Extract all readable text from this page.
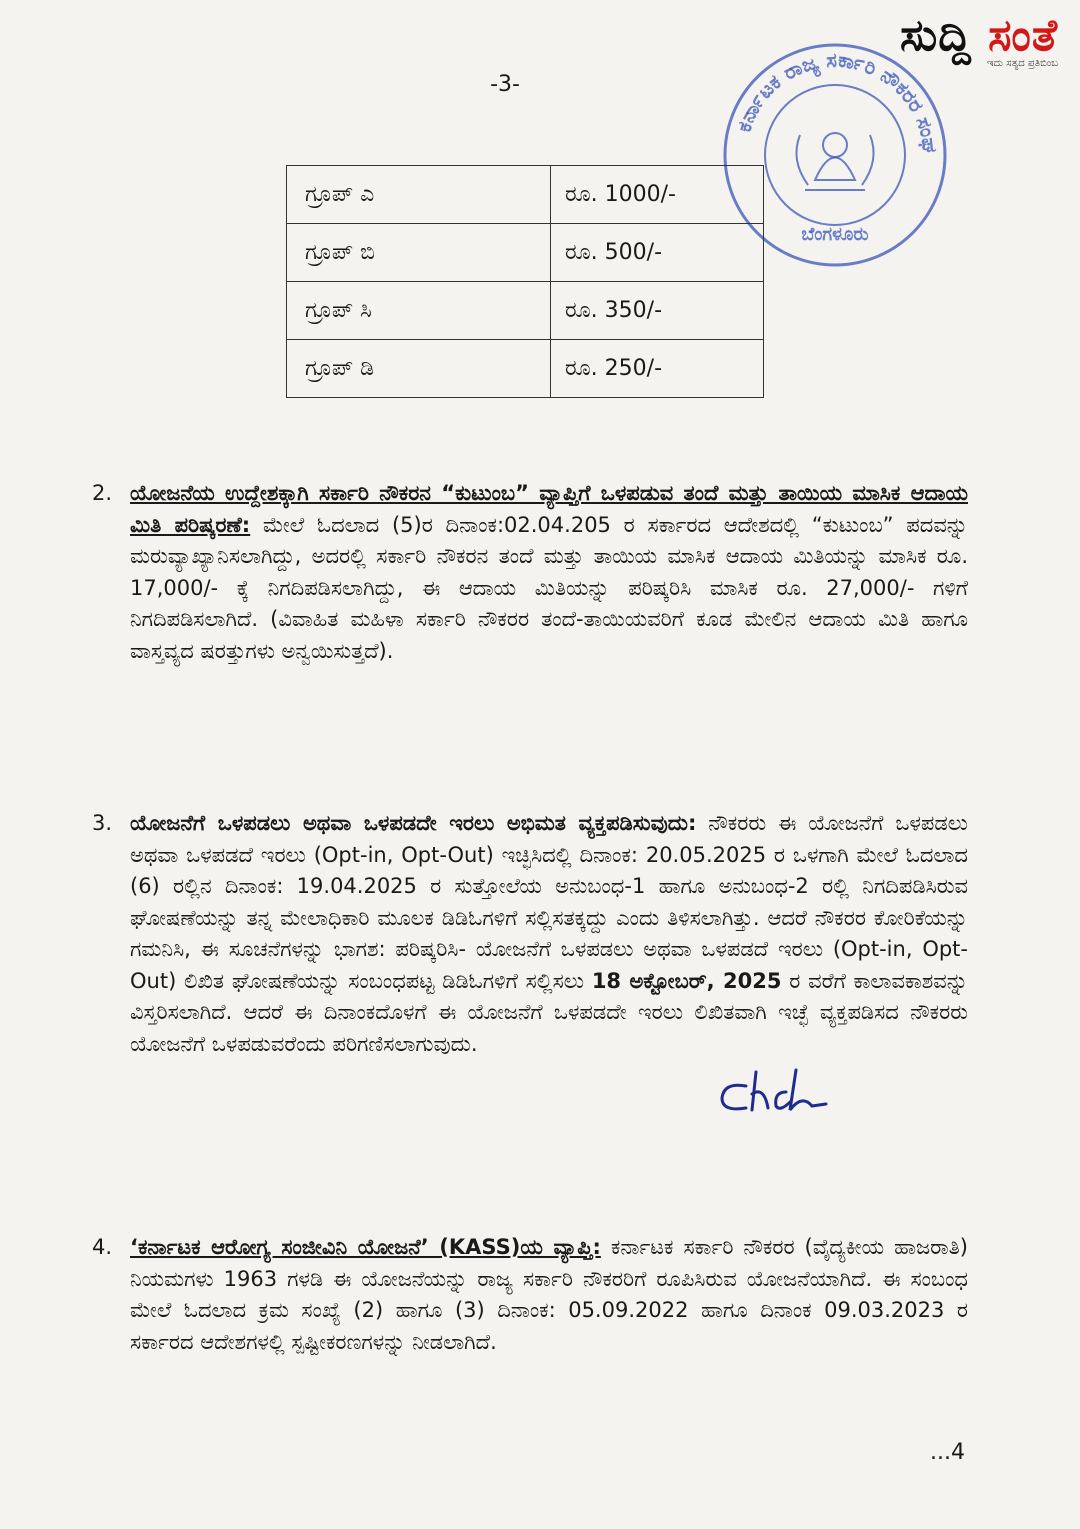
ಸುದ್ದಿ ಸಂತೆ
ಇದು ಸತ್ಯದ ಪ್ರತಿಬಿಂಬ
-3-
ಕರ್ನಾಟಕ ರಾಜ್ಯ ಸರ್ಕಾರಿ ನೌಕರರ ಸಂಘ
ಬೆಂಗಳೂರು
ಗ್ರೂಪ್ ಎ	ರೂ. 1000/-
ಗ್ರೂಪ್ ಬಿ	ರೂ. 500/-
ಗ್ರೂಪ್ ಸಿ	ರೂ. 350/-
ಗ್ರೂಪ್ ಡಿ	ರೂ. 250/-
2. ಯೋಜನೆಯ ಉದ್ದೇಶಕ್ಕಾಗಿ ಸರ್ಕಾರಿ ನೌಕರನ “ಕುಟುಂಬ” ವ್ಯಾಪ್ತಿಗೆ ಒಳಪಡುವ ತಂದೆ ಮತ್ತು ತಾಯಿಯ ಮಾಸಿಕ ಆದಾಯ ಮಿತಿ ಪರಿಷ್ಕರಣೆ: ಮೇಲೆ ಓದಲಾದ (5)ರ ದಿನಾಂಕ:02.04.205 ರ ಸರ್ಕಾರದ ಆದೇಶದಲ್ಲಿ “ಕುಟುಂಬ” ಪದವನ್ನು ಮರುವ್ಯಾಖ್ಯಾನಿಸಲಾಗಿದ್ದು, ಅದರಲ್ಲಿ ಸರ್ಕಾರಿ ನೌಕರನ ತಂದೆ ಮತ್ತು ತಾಯಿಯ ಮಾಸಿಕ ಆದಾಯ ಮಿತಿಯನ್ನು ಮಾಸಿಕ ರೂ. 17,000/- ಕ್ಕೆ ನಿಗದಿಪಡಿಸಲಾಗಿದ್ದು, ಈ ಆದಾಯ ಮಿತಿಯನ್ನು ಪರಿಷ್ಕರಿಸಿ ಮಾಸಿಕ ರೂ. 27,000/- ಗಳಿಗೆ ನಿಗದಿಪಡಿಸಲಾಗಿದೆ. (ವಿವಾಹಿತ ಮಹಿಳಾ ಸರ್ಕಾರಿ ನೌಕರರ ತಂದೆ-ತಾಯಿಯವರಿಗೆ ಕೂಡ ಮೇಲಿನ ಆದಾಯ ಮಿತಿ ಹಾಗೂ ವಾಸ್ತವ್ಯದ ಷರತ್ತುಗಳು ಅನ್ವಯಿಸುತ್ತದೆ).
3. ಯೋಜನೆಗೆ ಒಳಪಡಲು ಅಥವಾ ಒಳಪಡದೇ ಇರಲು ಅಭಿಮತ ವ್ಯಕ್ತಪಡಿಸುವುದು: ನೌಕರರು ಈ ಯೋಜನೆಗೆ ಒಳಪಡಲು ಅಥವಾ ಒಳಪಡದೆ ಇರಲು (Opt-in, Opt-Out) ಇಚ್ಛಿಸಿದಲ್ಲಿ ದಿನಾಂಕ: 20.05.2025 ರ ಒಳಗಾಗಿ ಮೇಲೆ ಓದಲಾದ (6) ರಲ್ಲಿನ ದಿನಾಂಕ: 19.04.2025 ರ ಸುತ್ತೋಲೆಯ ಅನುಬಂಧ-1 ಹಾಗೂ ಅನುಬಂಧ-2 ರಲ್ಲಿ ನಿಗದಿಪಡಿಸಿರುವ ಘೋಷಣೆಯನ್ನು ತನ್ನ ಮೇಲಾಧಿಕಾರಿ ಮೂಲಕ ಡಿಡಿಓಗಳಿಗೆ ಸಲ್ಲಿಸತಕ್ಕದ್ದು ಎಂದು ತಿಳಿಸಲಾಗಿತ್ತು. ಆದರೆ ನೌಕರರ ಕೋರಿಕೆಯನ್ನು ಗಮನಿಸಿ, ಈ ಸೂಚನೆಗಳನ್ನು ಭಾಗಶ: ಪರಿಷ್ಕರಿಸಿ- ಯೋಜನೆಗೆ ಒಳಪಡಲು ಅಥವಾ ಒಳಪಡದೆ ಇರಲು (Opt-in, Opt-Out) ಲಿಖಿತ ಘೋಷಣೆಯನ್ನು ಸಂಬಂಧಪಟ್ಟ ಡಿಡಿಓಗಳಿಗೆ ಸಲ್ಲಿಸಲು 18 ಅಕ್ಟೋಬರ್, 2025 ರ ವರೆಗೆ ಕಾಲಾವಕಾಶವನ್ನು ವಿಸ್ತರಿಸಲಾಗಿದೆ. ಆದರೆ ಈ ದಿನಾಂಕದೊಳಗೆ ಈ ಯೋಜನೆಗೆ ಒಳಪಡದೇ ಇರಲು ಲಿಖಿತವಾಗಿ ಇಚ್ಛೆ ವ್ಯಕ್ತಪಡಿಸದ ನೌಕರರು ಯೋಜನೆಗೆ ಒಳಪಡುವರೆಂದು ಪರಿಗಣಿಸಲಾಗುವುದು.
4. ‘ಕರ್ನಾಟಕ ಆರೋಗ್ಯ ಸಂಜೀವಿನಿ ಯೋಜನೆ’ (KASS)ಯ ವ್ಯಾಪ್ತಿ: ಕರ್ನಾಟಕ ಸರ್ಕಾರಿ ನೌಕರರ (ವೈದ್ಯಕೀಯ ಹಾಜರಾತಿ) ನಿಯಮಗಳು 1963 ಗಳಡಿ ಈ ಯೋಜನೆಯನ್ನು ರಾಜ್ಯ ಸರ್ಕಾರಿ ನೌಕರರಿಗೆ ರೂಪಿಸಿರುವ ಯೋಜನೆಯಾಗಿದೆ. ಈ ಸಂಬಂಧ ಮೇಲೆ ಓದಲಾದ ಕ್ರಮ ಸಂಖ್ಯೆ (2) ಹಾಗೂ (3) ದಿನಾಂಕ: 05.09.2022 ಹಾಗೂ ದಿನಾಂಕ 09.03.2023 ರ ಸರ್ಕಾರದ ಆದೇಶಗಳಲ್ಲಿ ಸ್ಪಷ್ಟೀಕರಣಗಳನ್ನು ನೀಡಲಾಗಿದೆ.
...4
